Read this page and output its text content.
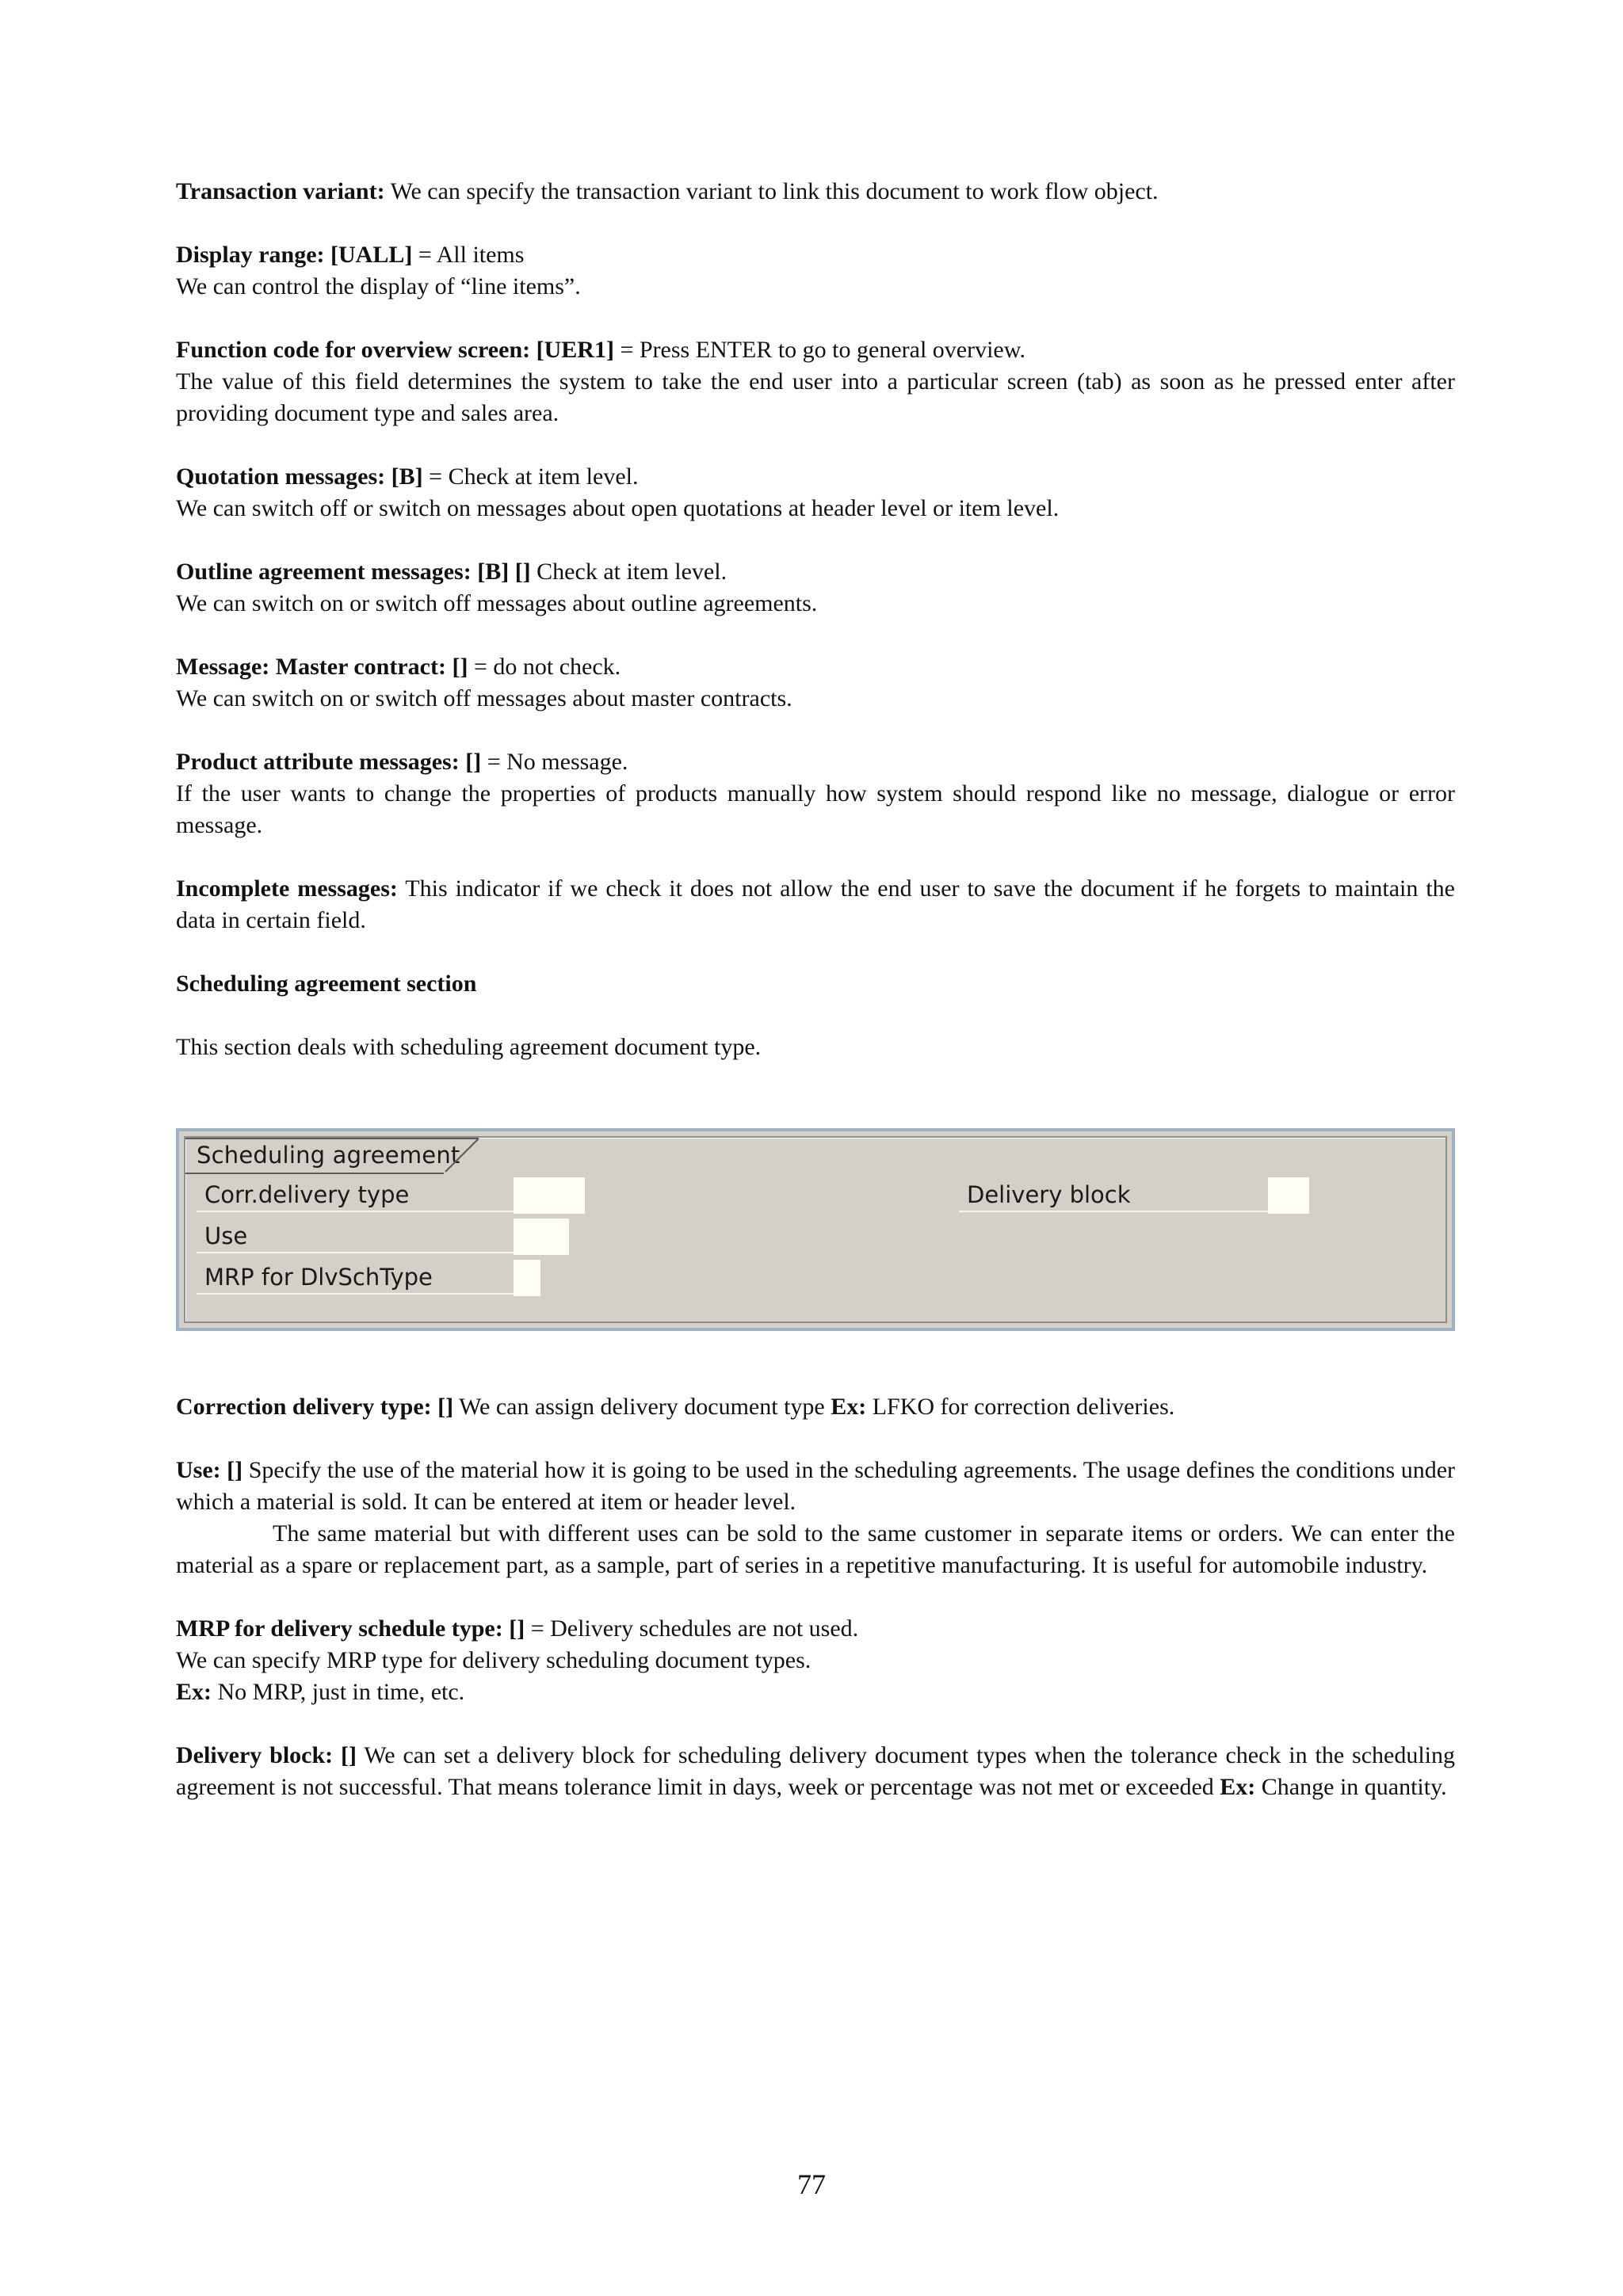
Transaction variant: We can specify the transaction variant to link this document to work flow object.

Display range: [UALL] = All items

We can control the display of “line items”.

Function code for overview screen: [UER1] = Press ENTER to go to general overview.

The value of this field determines the system to take the end user into a particular screen (tab) as soon as he pressed enter after providing document type and sales area.

Quotation messages: [B] = Check at item level.

We can switch off or switch on messages about open quotations at header level or item level.

Outline agreement messages: [B] [] Check at item level.

We can switch on or switch off messages about outline agreements.

Message: Master contract: [] = do not check.

We can switch on or switch off messages about master contracts.

Product attribute messages: [] = No message.

If the user wants to change the properties of products manually how system should respond like no message, dialogue or error message.

Incomplete messages: This indicator if we check it does not allow the end user to save the document if he forgets to maintain the data in certain field.
Scheduling agreement section
This section deals with scheduling agreement document type.
Scheduling agreement
Corr.delivery type
Use
MRP for DlvSchType
Delivery block
Correction delivery type: [] We can assign delivery document type Ex: LFKO for correction deliveries.

Use: [] Specify the use of the material how it is going to be used in the scheduling agreements. The usage defines the conditions under which a material is sold. It can be entered at item or header level.

The same material but with different uses can be sold to the same customer in separate items or orders. We can enter the material as a spare or replacement part, as a sample, part of series in a repetitive manufacturing. It is useful for automobile industry.

MRP for delivery schedule type: [] = Delivery schedules are not used.

We can specify MRP type for delivery scheduling document types.

Ex: No MRP, just in time, etc.

Delivery block: [] We can set a delivery block for scheduling delivery document types when the tolerance check in the scheduling agreement is not successful. That means tolerance limit in days, week or percentage was not met or exceeded Ex: Change in quantity.
77
